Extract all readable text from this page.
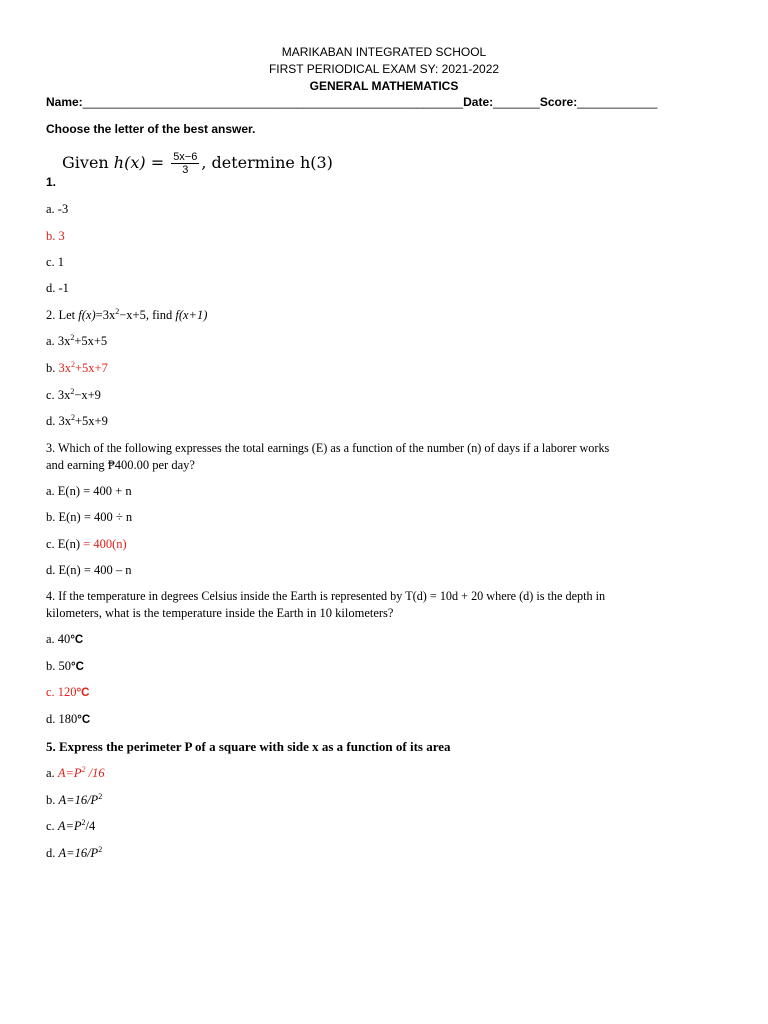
MARIKABAN INTEGRATED SCHOOL
FIRST PERIODICAL EXAM SY: 2021-2022
GENERAL MATHEMATICS
Name:_________________________________________________________Date:_______Score:____________
Choose the letter of the best answer.
Given $h(x) = \frac{5x-6}{3}$ , determine h(3)
1.
a. -3
b. 3
c. 1
d. -1
2. Let $f(x)=3x^2-x+5$, find f(x+1)
a. $3x^2+5x+5$
b. $3x^2+5x+7$
c. $3x^2-x+9$
d. $3x^2+5x+9$
3. Which of the following expresses the total earnings (E) as a function of the number (n) of days if a laborer works
and earning ₱400.00 per day?
a. E(n) = 400 + n
b. E(n) = 400 ÷ n
c. E(n) = 400(n)
d. E(n) = 400 – n
4. If the temperature in degrees Celsius inside the Earth is represented by T(d) = 10d + 20 where (d) is the depth in
kilometers, what is the temperature inside the Earth in 10 kilometers?
a. 40°C
b. 50°C
c. 120°C
d. 180°C
5. Express the perimeter P of a square with side x as a function of its area
a. $A=P^2$ /16
b. $A=16/P^2$
c. $A=P^2/4$
d. $A=16/P^2$
